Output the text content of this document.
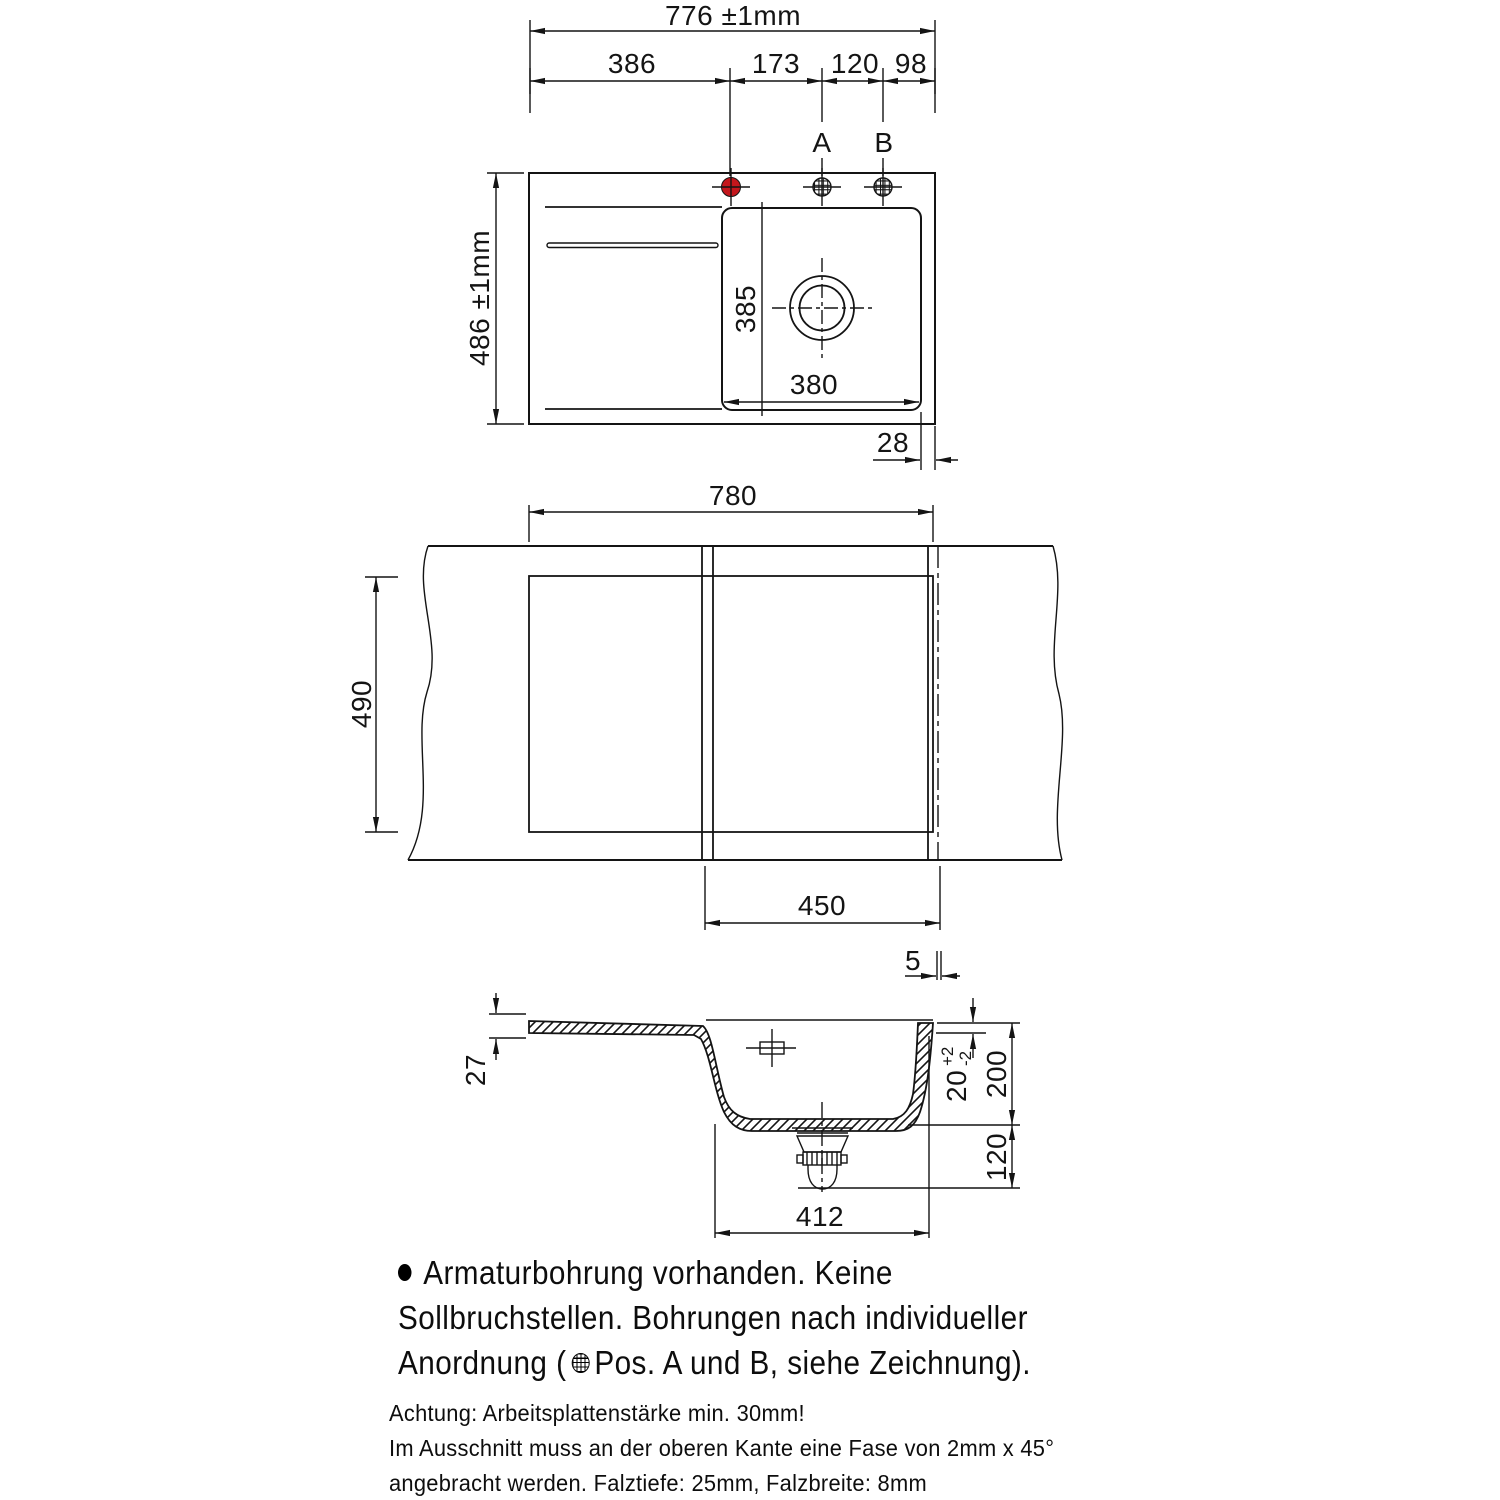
776 ±1mm
386	173 120 98
A B
486 ±1mm	385
380
28
780
490
450
5
27	20
+2 -2 200
120
412
Armaturbohrung vorhanden. Keine
Sollbruchstellen. Bohrungen nach individueller
Anordnung ( Pos. A und B, siehe Zeichnung).
Achtung: Arbeitsplattenstärke min. 30mm!
Im Ausschnitt muss an der oberen Kante eine Fase von 2mm x 45°
angebracht werden. Falztiefe: 25mm, Falzbreite: 8mm
